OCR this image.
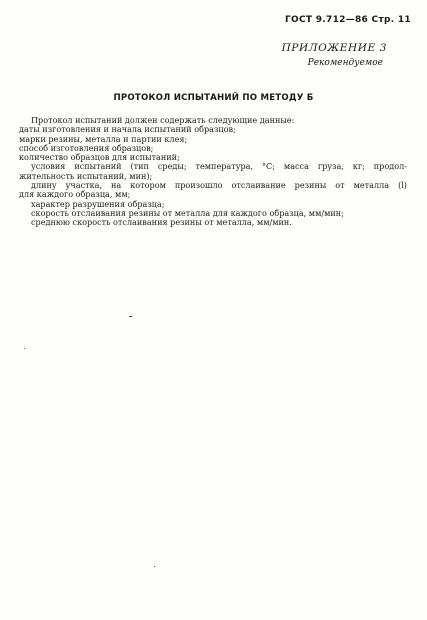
ГОСТ 9.712—86 Стр. 11
ПРИЛОЖЕНИЕ 3
Рекомендуемое
ПРОТОКОЛ ИСПЫТАНИЙ ПО МЕТОДУ Б
Протокол испытаний должен содержать следующие данные:
даты изготовления и начала испытаний образцов;
марки резины, металла и партии клея;
способ изготовления образцов;
количество образцов для испытаний;
условия испытаний (тип среды; температура, °С; масса груза, кг; продол-
жительность испытаний, мин);
длину участка, на котором произошло отслаивание резины от металла (l)
для каждого образца, мм;
характер разрушения образца;
скорость отслаивания резины от металла для каждого образца, мм/мин;
среднюю скорость отслаивания резины от металла, мм/мин.
